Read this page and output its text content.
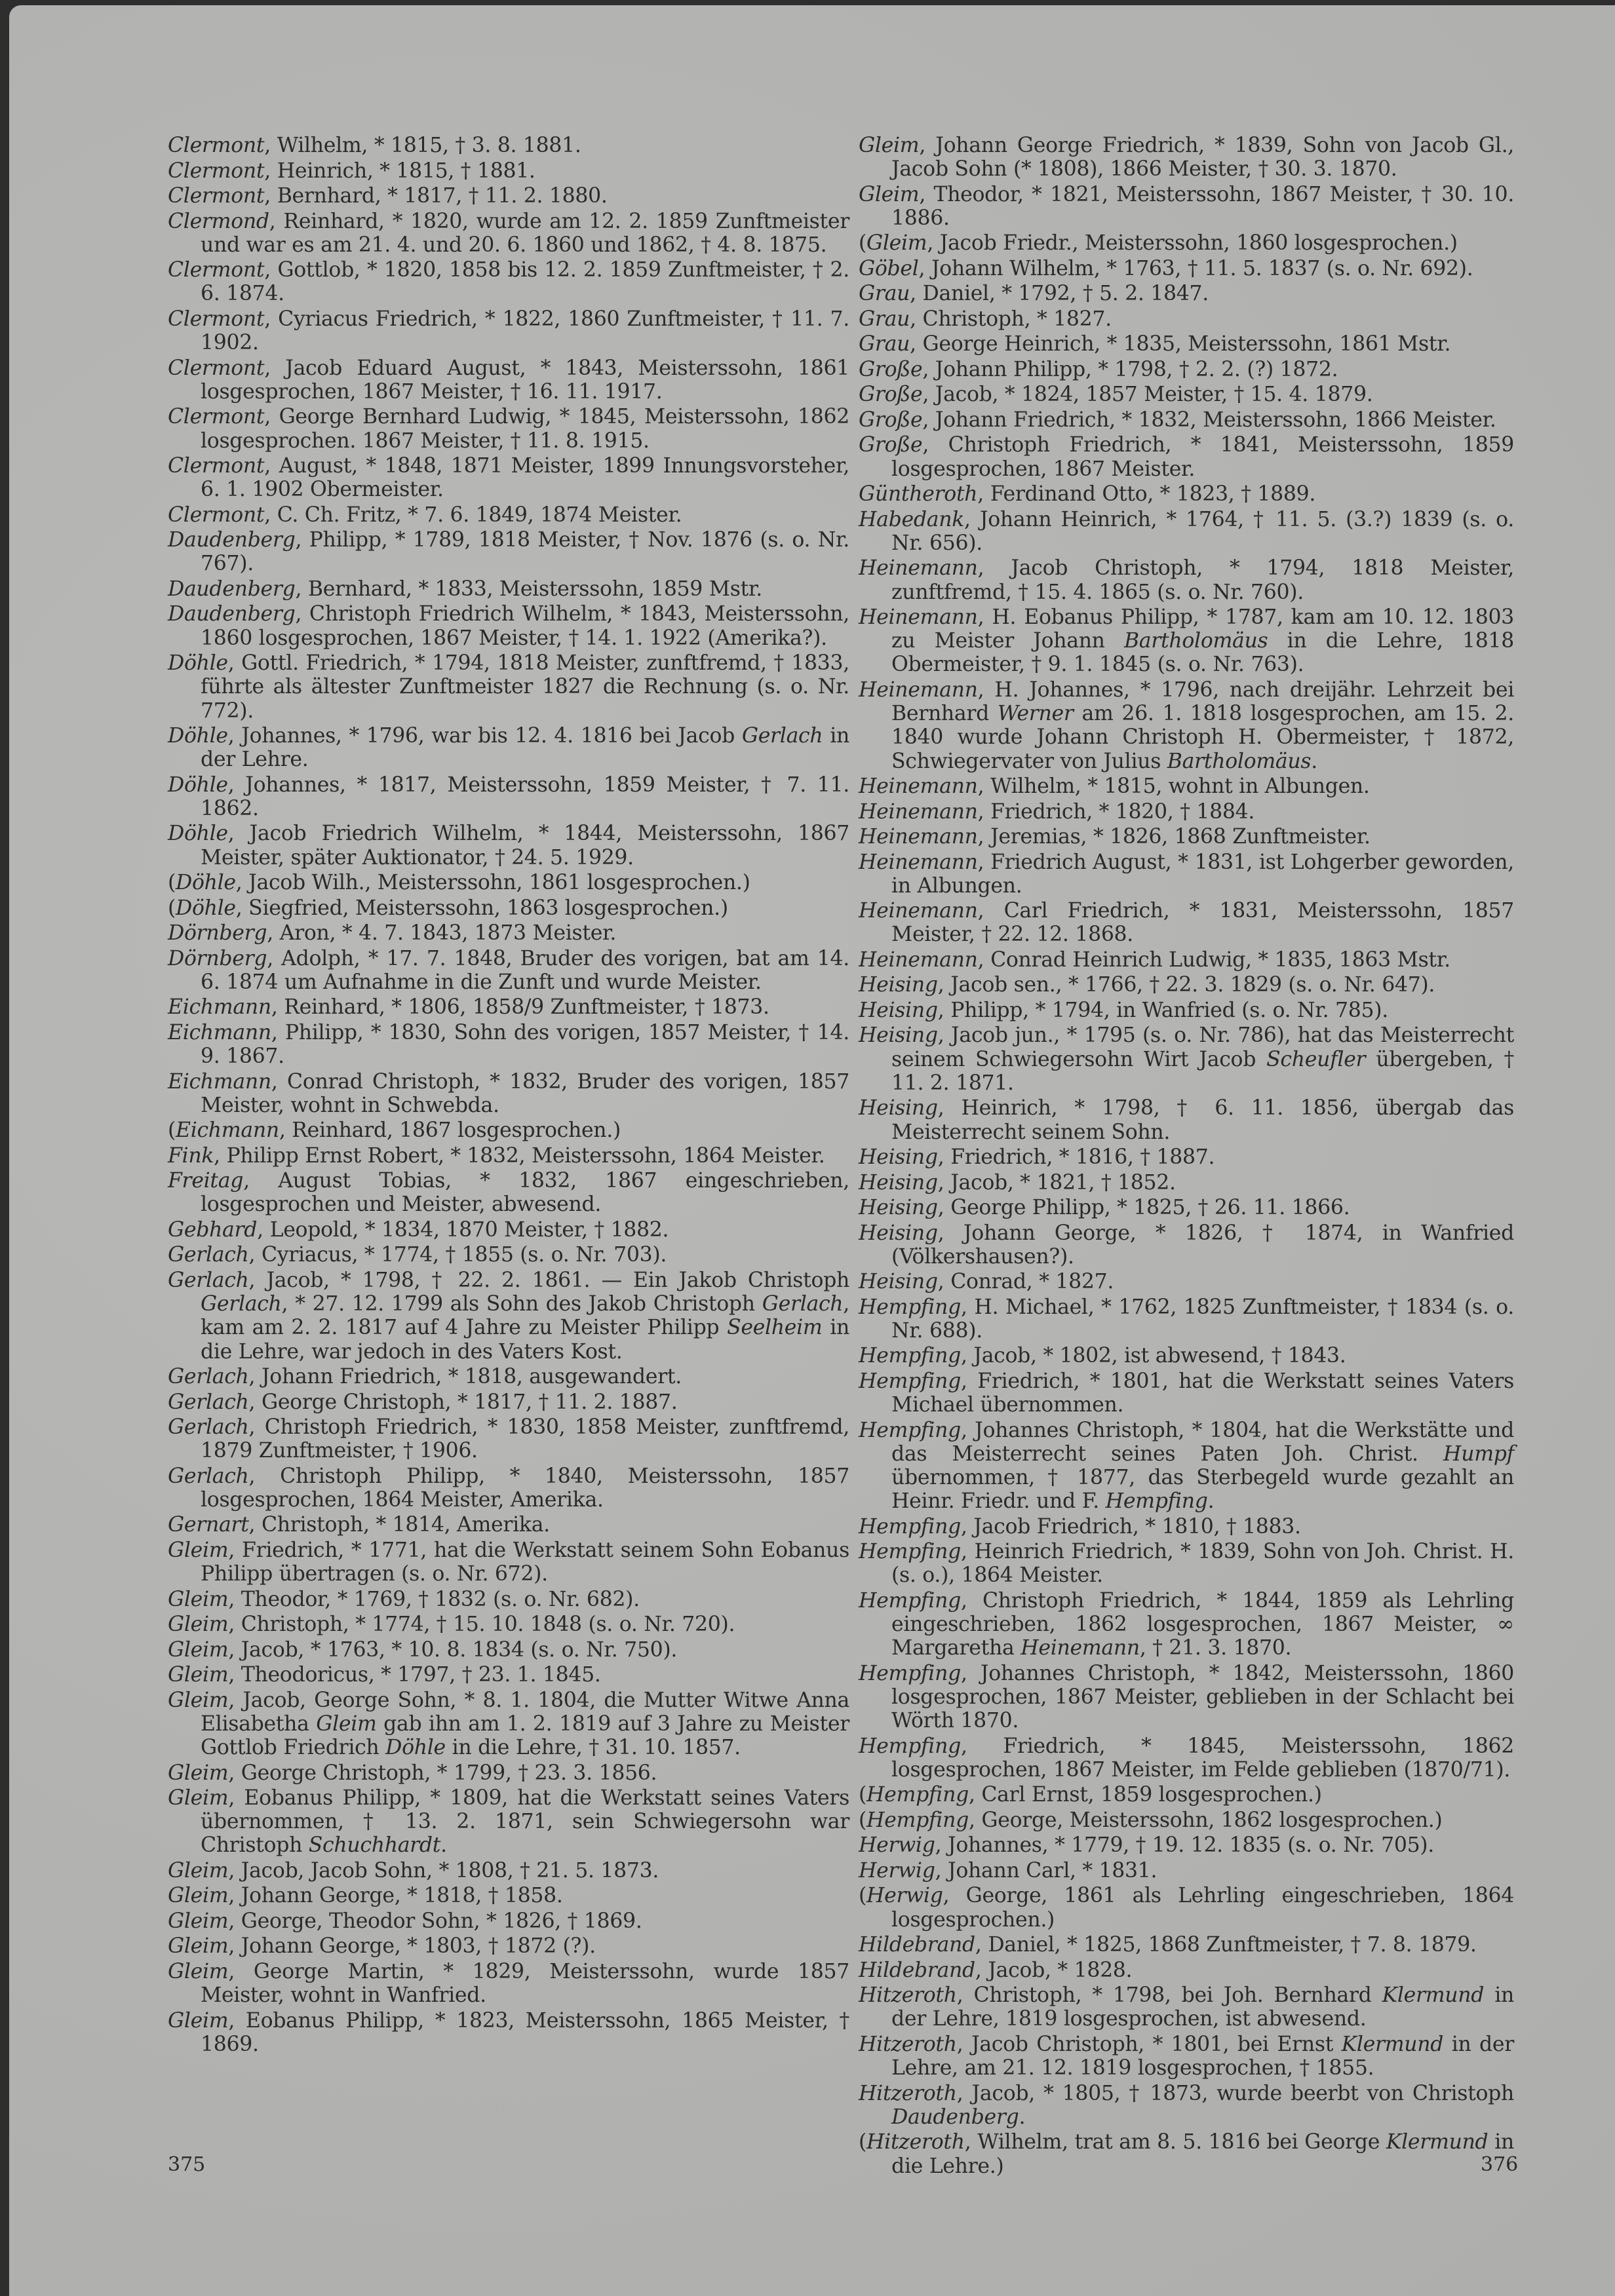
Clermont, Wilhelm, * 1815, † 3. 8. 1881.

Clermont, Heinrich, * 1815, † 1881.

Clermont, Bernhard, * 1817, † 11. 2. 1880.

Clermond, Reinhard, * 1820, wurde am 12. 2. 1859 Zunftmeister und war es am 21. 4. und 20. 6. 1860 und 1862, † 4. 8. 1875.

Clermont, Gottlob, * 1820, 1858 bis 12. 2. 1859 Zunftmeister, † 2. 6. 1874.

Clermont, Cyriacus Friedrich, * 1822, 1860 Zunftmeister, † 11. 7. 1902.

Clermont, Jacob Eduard August, * 1843, Meisterssohn, 1861 losgesprochen, 1867 Meister, † 16. 11. 1917.

Clermont, George Bernhard Ludwig, * 1845, Meisterssohn, 1862 losgesprochen. 1867 Meister, † 11. 8. 1915.

Clermont, August, * 1848, 1871 Meister, 1899 Innungsvorsteher, 6. 1. 1902 Obermeister.

Clermont, C. Ch. Fritz, * 7. 6. 1849, 1874 Meister.

Daudenberg, Philipp, * 1789, 1818 Meister, † Nov. 1876 (s. o. Nr. 767).

Daudenberg, Bernhard, * 1833, Meisterssohn, 1859 Mstr.

Daudenberg, Christoph Friedrich Wilhelm, * 1843, Meisterssohn, 1860 losgesprochen, 1867 Meister, † 14. 1. 1922 (Amerika?).

Döhle, Gottl. Friedrich, * 1794, 1818 Meister, zunftfremd, † 1833, führte als ältester Zunftmeister 1827 die Rechnung (s. o. Nr. 772).

Döhle, Johannes, * 1796, war bis 12. 4. 1816 bei Jacob Gerlach in der Lehre.

Döhle, Johannes, * 1817, Meisterssohn, 1859 Meister, † 7. 11. 1862.

Döhle, Jacob Friedrich Wilhelm, * 1844, Meisterssohn, 1867 Meister, später Auktionator, † 24. 5. 1929.

(Döhle, Jacob Wilh., Meisterssohn, 1861 losgesprochen.)

(Döhle, Siegfried, Meisterssohn, 1863 losgesprochen.)

Dörnberg, Aron, * 4. 7. 1843, 1873 Meister.

Dörnberg, Adolph, * 17. 7. 1848, Bruder des vorigen, bat am 14. 6. 1874 um Aufnahme in die Zunft und wurde Meister.

Eichmann, Reinhard, * 1806, 1858/9 Zunftmeister, † 1873.

Eichmann, Philipp, * 1830, Sohn des vorigen, 1857 Meister, † 14. 9. 1867.

Eichmann, Conrad Christoph, * 1832, Bruder des vorigen, 1857 Meister, wohnt in Schwebda.

(Eichmann, Reinhard, 1867 losgesprochen.)

Fink, Philipp Ernst Robert, * 1832, Meisterssohn, 1864 Meister.

Freitag, August Tobias, * 1832, 1867 eingeschrieben, losgesprochen und Meister, abwesend.

Gebhard, Leopold, * 1834, 1870 Meister, † 1882.

Gerlach, Cyriacus, * 1774, † 1855 (s. o. Nr. 703).

Gerlach, Jacob, * 1798, † 22. 2. 1861. — Ein Jakob Christoph Gerlach, * 27. 12. 1799 als Sohn des Jakob Christoph Gerlach, kam am 2. 2. 1817 auf 4 Jahre zu Meister Philipp Seelheim in die Lehre, war jedoch in des Vaters Kost.

Gerlach, Johann Friedrich, * 1818, ausgewandert.

Gerlach, George Christoph, * 1817, † 11. 2. 1887.

Gerlach, Christoph Friedrich, * 1830, 1858 Meister, zunftfremd, 1879 Zunftmeister, † 1906.

Gerlach, Christoph Philipp, * 1840, Meisterssohn, 1857 losgesprochen, 1864 Meister, Amerika.

Gernart, Christoph, * 1814, Amerika.

Gleim, Friedrich, * 1771, hat die Werkstatt seinem Sohn Eobanus Philipp übertragen (s. o. Nr. 672).

Gleim, Theodor, * 1769, † 1832 (s. o. Nr. 682).

Gleim, Christoph, * 1774, † 15. 10. 1848 (s. o. Nr. 720).

Gleim, Jacob, * 1763, * 10. 8. 1834 (s. o. Nr. 750).

Gleim, Theodoricus, * 1797, † 23. 1. 1845.

Gleim, Jacob, George Sohn, * 8. 1. 1804, die Mutter Witwe Anna Elisabetha Gleim gab ihn am 1. 2. 1819 auf 3 Jahre zu Meister Gottlob Friedrich Döhle in die Lehre, † 31. 10. 1857.

Gleim, George Christoph, * 1799, † 23. 3. 1856.

Gleim, Eobanus Philipp, * 1809, hat die Werkstatt seines Vaters übernommen, † 13. 2. 1871, sein Schwiegersohn war Christoph Schuchhardt.

Gleim, Jacob, Jacob Sohn, * 1808, † 21. 5. 1873.

Gleim, Johann George, * 1818, † 1858.

Gleim, George, Theodor Sohn, * 1826, † 1869.

Gleim, Johann George, * 1803, † 1872 (?).

Gleim, George Martin, * 1829, Meisterssohn, wurde 1857 Meister, wohnt in Wanfried.

Gleim, Eobanus Philipp, * 1823, Meisterssohn, 1865 Meister, † 1869.

Gleim, Johann George Friedrich, * 1839, Sohn von Jacob Gl., Jacob Sohn (* 1808), 1866 Meister, † 30. 3. 1870.

Gleim, Theodor, * 1821, Meisterssohn, 1867 Meister, † 30. 10. 1886.

(Gleim, Jacob Friedr., Meisterssohn, 1860 losgesprochen.)

Göbel, Johann Wilhelm, * 1763, † 11. 5. 1837 (s. o. Nr. 692).

Grau, Daniel, * 1792, † 5. 2. 1847.

Grau, Christoph, * 1827.

Grau, George Heinrich, * 1835, Meisterssohn, 1861 Mstr.

Große, Johann Philipp, * 1798, † 2. 2. (?) 1872.

Große, Jacob, * 1824, 1857 Meister, † 15. 4. 1879.

Große, Johann Friedrich, * 1832, Meisterssohn, 1866 Meister.

Große, Christoph Friedrich, * 1841, Meisterssohn, 1859 losgesprochen, 1867 Meister.

Güntheroth, Ferdinand Otto, * 1823, † 1889.

Habedank, Johann Heinrich, * 1764, † 11. 5. (3.?) 1839 (s. o. Nr. 656).

Heinemann, Jacob Christoph, * 1794, 1818 Meister, zunftfremd, † 15. 4. 1865 (s. o. Nr. 760).

Heinemann, H. Eobanus Philipp, * 1787, kam am 10. 12. 1803 zu Meister Johann Bartholomäus in die Lehre, 1818 Obermeister, † 9. 1. 1845 (s. o. Nr. 763).

Heinemann, H. Johannes, * 1796, nach dreijähr. Lehrzeit bei Bernhard Werner am 26. 1. 1818 losgesprochen, am 15. 2. 1840 wurde Johann Christoph H. Obermeister, † 1872, Schwiegervater von Julius Bartholomäus.

Heinemann, Wilhelm, * 1815, wohnt in Albungen.

Heinemann, Friedrich, * 1820, † 1884.

Heinemann, Jeremias, * 1826, 1868 Zunftmeister.

Heinemann, Friedrich August, * 1831, ist Lohgerber geworden, in Albungen.

Heinemann, Carl Friedrich, * 1831, Meisterssohn, 1857 Meister, † 22. 12. 1868.

Heinemann, Conrad Heinrich Ludwig, * 1835, 1863 Mstr.

Heising, Jacob sen., * 1766, † 22. 3. 1829 (s. o. Nr. 647).

Heising, Philipp, * 1794, in Wanfried (s. o. Nr. 785).

Heising, Jacob jun., * 1795 (s. o. Nr. 786), hat das Meisterrecht seinem Schwiegersohn Wirt Jacob Scheufler übergeben, † 11. 2. 1871.

Heising, Heinrich, * 1798, † 6. 11. 1856, übergab das Meisterrecht seinem Sohn.

Heising, Friedrich, * 1816, † 1887.

Heising, Jacob, * 1821, † 1852.

Heising, George Philipp, * 1825, † 26. 11. 1866.

Heising, Johann George, * 1826, † 1874, in Wanfried (Völkershausen?).

Heising, Conrad, * 1827.

Hempfing, H. Michael, * 1762, 1825 Zunftmeister, † 1834 (s. o. Nr. 688).

Hempfing, Jacob, * 1802, ist abwesend, † 1843.

Hempfing, Friedrich, * 1801, hat die Werkstatt seines Vaters Michael übernommen.

Hempfing, Johannes Christoph, * 1804, hat die Werkstätte und das Meisterrecht seines Paten Joh. Christ. Humpf übernommen, † 1877, das Sterbegeld wurde gezahlt an Heinr. Friedr. und F. Hempfing.

Hempfing, Jacob Friedrich, * 1810, † 1883.

Hempfing, Heinrich Friedrich, * 1839, Sohn von Joh. Christ. H. (s. o.), 1864 Meister.

Hempfing, Christoph Friedrich, * 1844, 1859 als Lehrling eingeschrieben, 1862 losgesprochen, 1867 Meister, ∞ Margaretha Heinemann, † 21. 3. 1870.

Hempfing, Johannes Christoph, * 1842, Meisterssohn, 1860 losgesprochen, 1867 Meister, geblieben in der Schlacht bei Wörth 1870.

Hempfing, Friedrich, * 1845, Meisterssohn, 1862 losgesprochen, 1867 Meister, im Felde geblieben (1870/71).

(Hempfing, Carl Ernst, 1859 losgesprochen.)

(Hempfing, George, Meisterssohn, 1862 losgesprochen.)

Herwig, Johannes, * 1779, † 19. 12. 1835 (s. o. Nr. 705).

Herwig, Johann Carl, * 1831.

(Herwig, George, 1861 als Lehrling eingeschrieben, 1864 losgesprochen.)

Hildebrand, Daniel, * 1825, 1868 Zunftmeister, † 7. 8. 1879.

Hildebrand, Jacob, * 1828.

Hitzeroth, Christoph, * 1798, bei Joh. Bernhard Klermund in der Lehre, 1819 losgesprochen, ist abwesend.

Hitzeroth, Jacob Christoph, * 1801, bei Ernst Klermund in der Lehre, am 21. 12. 1819 losgesprochen, † 1855.

Hitzeroth, Jacob, * 1805, † 1873, wurde beerbt von Christoph Daudenberg.

(Hitzeroth, Wilhelm, trat am 8. 5. 1816 bei George Klermund in die Lehre.)

375	376
